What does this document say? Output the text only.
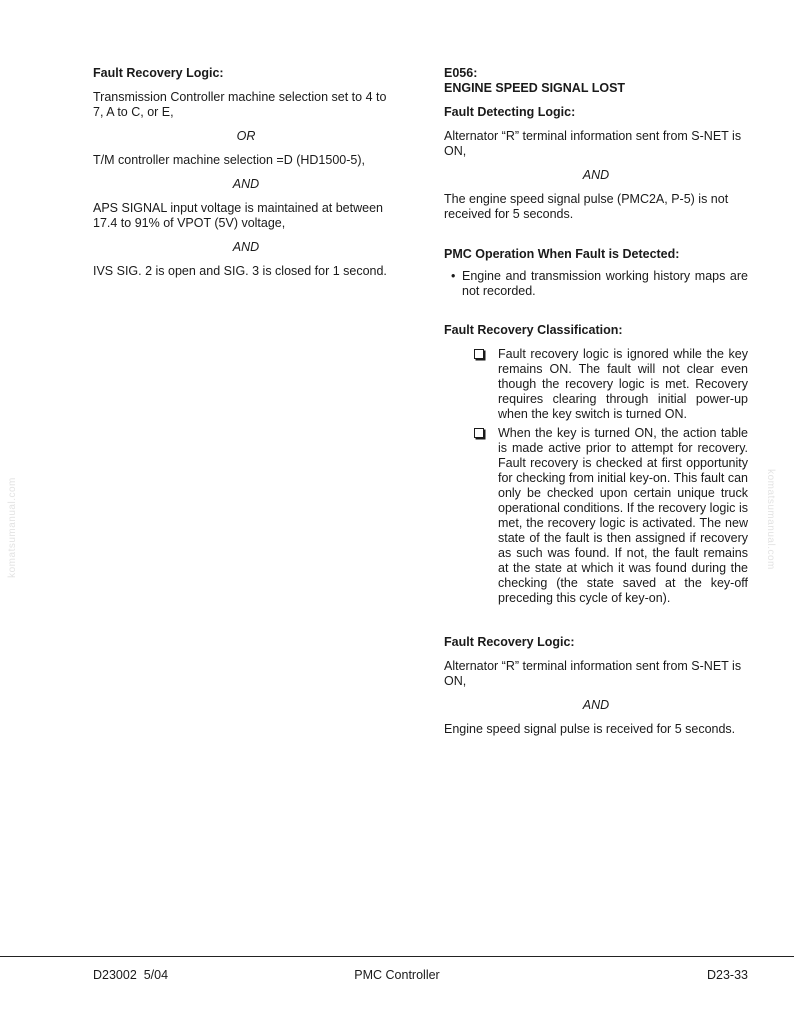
Fault Recovery Logic:

Transmission Controller machine selection set to 4 to 7, A to C, or E,

OR

T/M controller machine selection =D (HD1500-5),

AND

APS SIGNAL input voltage is maintained at between 17.4 to 91% of VPOT (5V) voltage,

AND

IVS SIG. 2 is open and SIG. 3 is closed for 1 second.

E056:

ENGINE SPEED SIGNAL LOST

Fault Detecting Logic:

Alternator “R” terminal information sent from S-NET is ON,

AND

The engine speed signal pulse (PMC2A, P-5) is not received for 5 seconds.

PMC Operation When Fault is Detected:

• Engine and transmission working history maps are not recorded.

Fault Recovery Classification:

Fault recovery logic is ignored while the key remains ON. The fault will not clear even though the recovery logic is met. Recovery requires clearing through initial power-up when the key switch is turned ON.
When the key is turned ON, the action table is made active prior to attempt for recovery. Fault recovery is checked at first opportunity for checking from initial key-on. This fault can only be checked upon certain unique truck operational conditions. If the recovery logic is met, the recovery logic is activated. The new state of the fault is then assigned if recovery as such was found. If not, the fault remains at the state at which it was found during the checking (the state saved at the key-off preceding this cycle of key-on).

Fault Recovery Logic:

Alternator “R” terminal information sent from S-NET is ON,

AND

Engine speed signal pulse is received for 5 seconds.

komatsumanual.com	komatsumanual.com
D23002  5/04	PMC Controller	D23-33
